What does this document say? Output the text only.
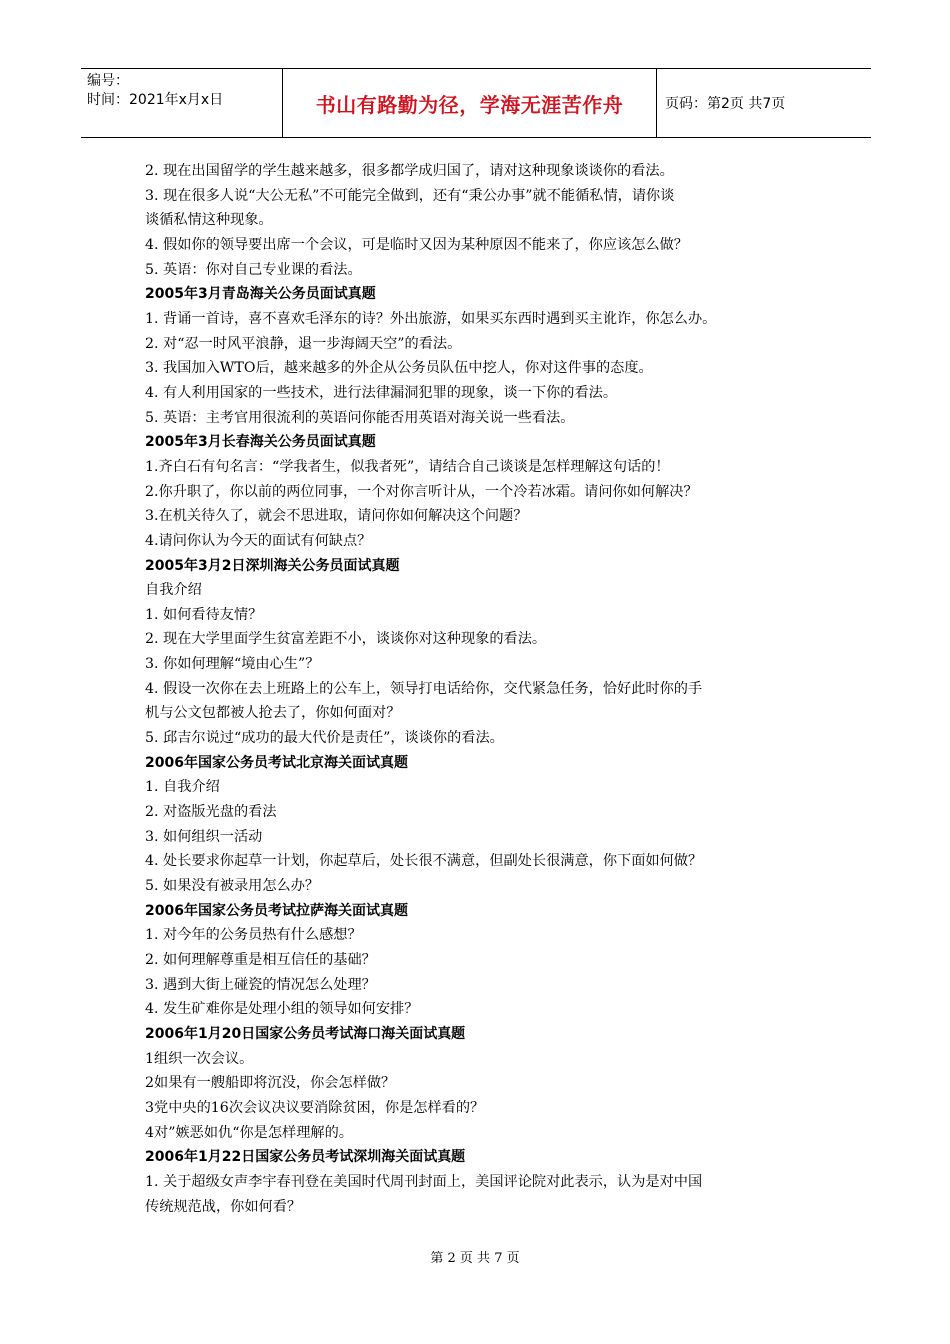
编号：
时间：2021年x月x日	书山有路勤为径，学海无涯苦作舟	页码：第2页 共7页
2. 现在出国留学的学生越来越多，很多都学成归国了，请对这种现象谈谈你的看法。
3. 现在很多人说“大公无私”不可能完全做到，还有“秉公办事”就不能循私情，请你谈
谈循私情这种现象。
4. 假如你的领导要出席一个会议，可是临时又因为某种原因不能来了，你应该怎么做？
5. 英语：你对自己专业课的看法。
2005年3月青岛海关公务员面试真题
1. 背诵一首诗，喜不喜欢毛泽东的诗？外出旅游，如果买东西时遇到买主讹诈，你怎么办。
2. 对“忍一时风平浪静，退一步海阔天空”的看法。
3. 我国加入WTO后，越来越多的外企从公务员队伍中挖人，你对这件事的态度。
4. 有人利用国家的一些技术，进行法律漏洞犯罪的现象，谈一下你的看法。
5. 英语：主考官用很流利的英语问你能否用英语对海关说一些看法。
2005年3月长春海关公务员面试真题
1.齐白石有句名言：“学我者生，似我者死”，请结合自己谈谈是怎样理解这句话的！
2.你升职了，你以前的两位同事，一个对你言听计从，一个冷若冰霜。请问你如何解决？
3.在机关待久了，就会不思进取，请问你如何解决这个问题？
4.请问你认为今天的面试有何缺点？
2005年3月2日深圳海关公务员面试真题
自我介绍
1. 如何看待友情？
2. 现在大学里面学生贫富差距不小，谈谈你对这种现象的看法。
3. 你如何理解“境由心生”？
4. 假设一次你在去上班路上的公车上，领导打电话给你，交代紧急任务，恰好此时你的手
机与公文包都被人抢去了，你如何面对？
5. 邱吉尔说过“成功的最大代价是责任”，谈谈你的看法。
2006年国家公务员考试北京海关面试真题
1. 自我介绍
2. 对盗版光盘的看法
3. 如何组织一活动
4. 处长要求你起草一计划，你起草后，处长很不满意，但副处长很满意，你下面如何做？
5. 如果没有被录用怎么办？
2006年国家公务员考试拉萨海关面试真题
1. 对今年的公务员热有什么感想？
2. 如何理解尊重是相互信任的基础？
3. 遇到大街上碰瓷的情况怎么处理？
4. 发生矿难你是处理小组的领导如何安排？
2006年1月20日国家公务员考试海口海关面试真题
1组织一次会议。
2如果有一艘船即将沉没，你会怎样做？
3党中央的16次会议决议要消除贫困，你是怎样看的？
4对”嫉恶如仇“你是怎样理解的。
2006年1月22日国家公务员考试深圳海关面试真题
1. 关于超级女声李宇春刊登在美国时代周刊封面上，美国评论院对此表示，认为是对中国
传统规范战，你如何看？
第 2 页 共 7 页
